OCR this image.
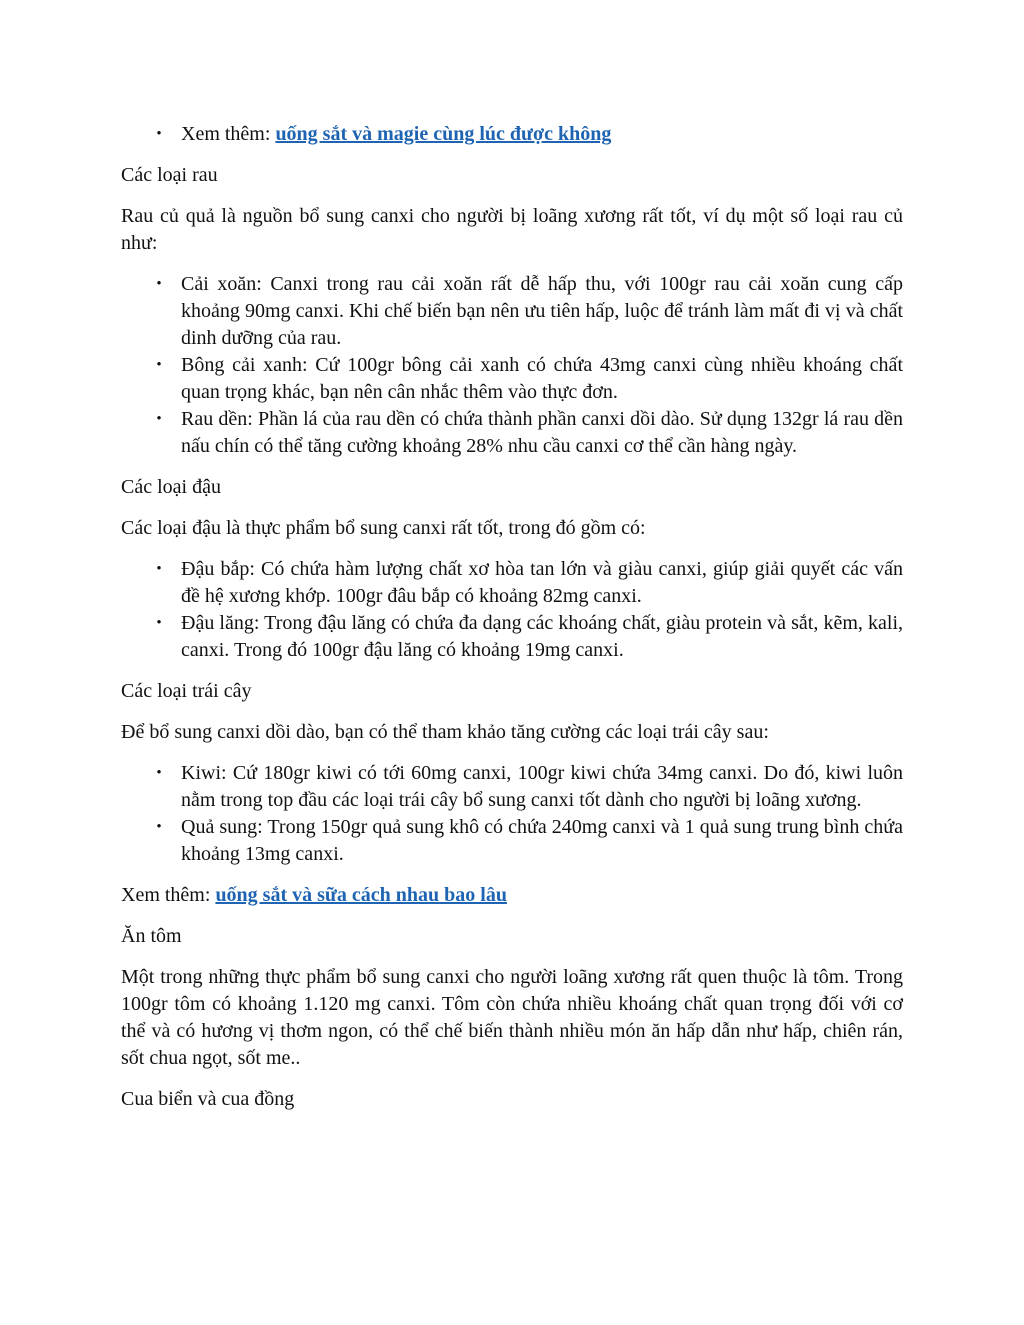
• Xem thêm: uống sắt và magie cùng lúc được không

Các loại rau

Rau củ quả là nguồn bổ sung canxi cho người bị loãng xương rất tốt, ví dụ một số loại rau củ như:

• Cải xoăn: Canxi trong rau cải xoăn rất dễ hấp thu, với 100gr rau cải xoăn cung cấp khoảng 90mg canxi. Khi chế biến bạn nên ưu tiên hấp, luộc để tránh làm mất đi vị và chất dinh dưỡng của rau.
• Bông cải xanh: Cứ 100gr bông cải xanh có chứa 43mg canxi cùng nhiều khoáng chất quan trọng khác, bạn nên cân nhắc thêm vào thực đơn.
• Rau dền: Phần lá của rau dền có chứa thành phần canxi dồi dào. Sử dụng 132gr lá rau dền nấu chín có thể tăng cường khoảng 28% nhu cầu canxi cơ thể cần hàng ngày.

Các loại đậu

Các loại đậu là thực phẩm bổ sung canxi rất tốt, trong đó gồm có:

• Đậu bắp: Có chứa hàm lượng chất xơ hòa tan lớn và giàu canxi, giúp giải quyết các vấn đề hệ xương khớp. 100gr đâu bắp có khoảng 82mg canxi.
• Đậu lăng: Trong đậu lăng có chứa đa dạng các khoáng chất, giàu protein và sắt, kẽm, kali, canxi. Trong đó 100gr đậu lăng có khoảng 19mg canxi.

Các loại trái cây

Để bổ sung canxi dồi dào, bạn có thể tham khảo tăng cường các loại trái cây sau:

• Kiwi: Cứ 180gr kiwi có tới 60mg canxi, 100gr kiwi chứa 34mg canxi. Do đó, kiwi luôn nằm trong top đầu các loại trái cây bổ sung canxi tốt dành cho người bị loãng xương.
• Quả sung: Trong 150gr quả sung khô có chứa 240mg canxi và 1 quả sung trung bình chứa khoảng 13mg canxi.

Xem thêm: uống sắt và sữa cách nhau bao lâu

Ăn tôm

Một trong những thực phẩm bổ sung canxi cho người loãng xương rất quen thuộc là tôm. Trong 100gr tôm có khoảng 1.120 mg canxi. Tôm còn chứa nhiều khoáng chất quan trọng đối với cơ thể và có hương vị thơm ngon, có thể chế biến thành nhiều món ăn hấp dẫn như hấp, chiên rán, sốt chua ngọt, sốt me..

Cua biển và cua đồng
